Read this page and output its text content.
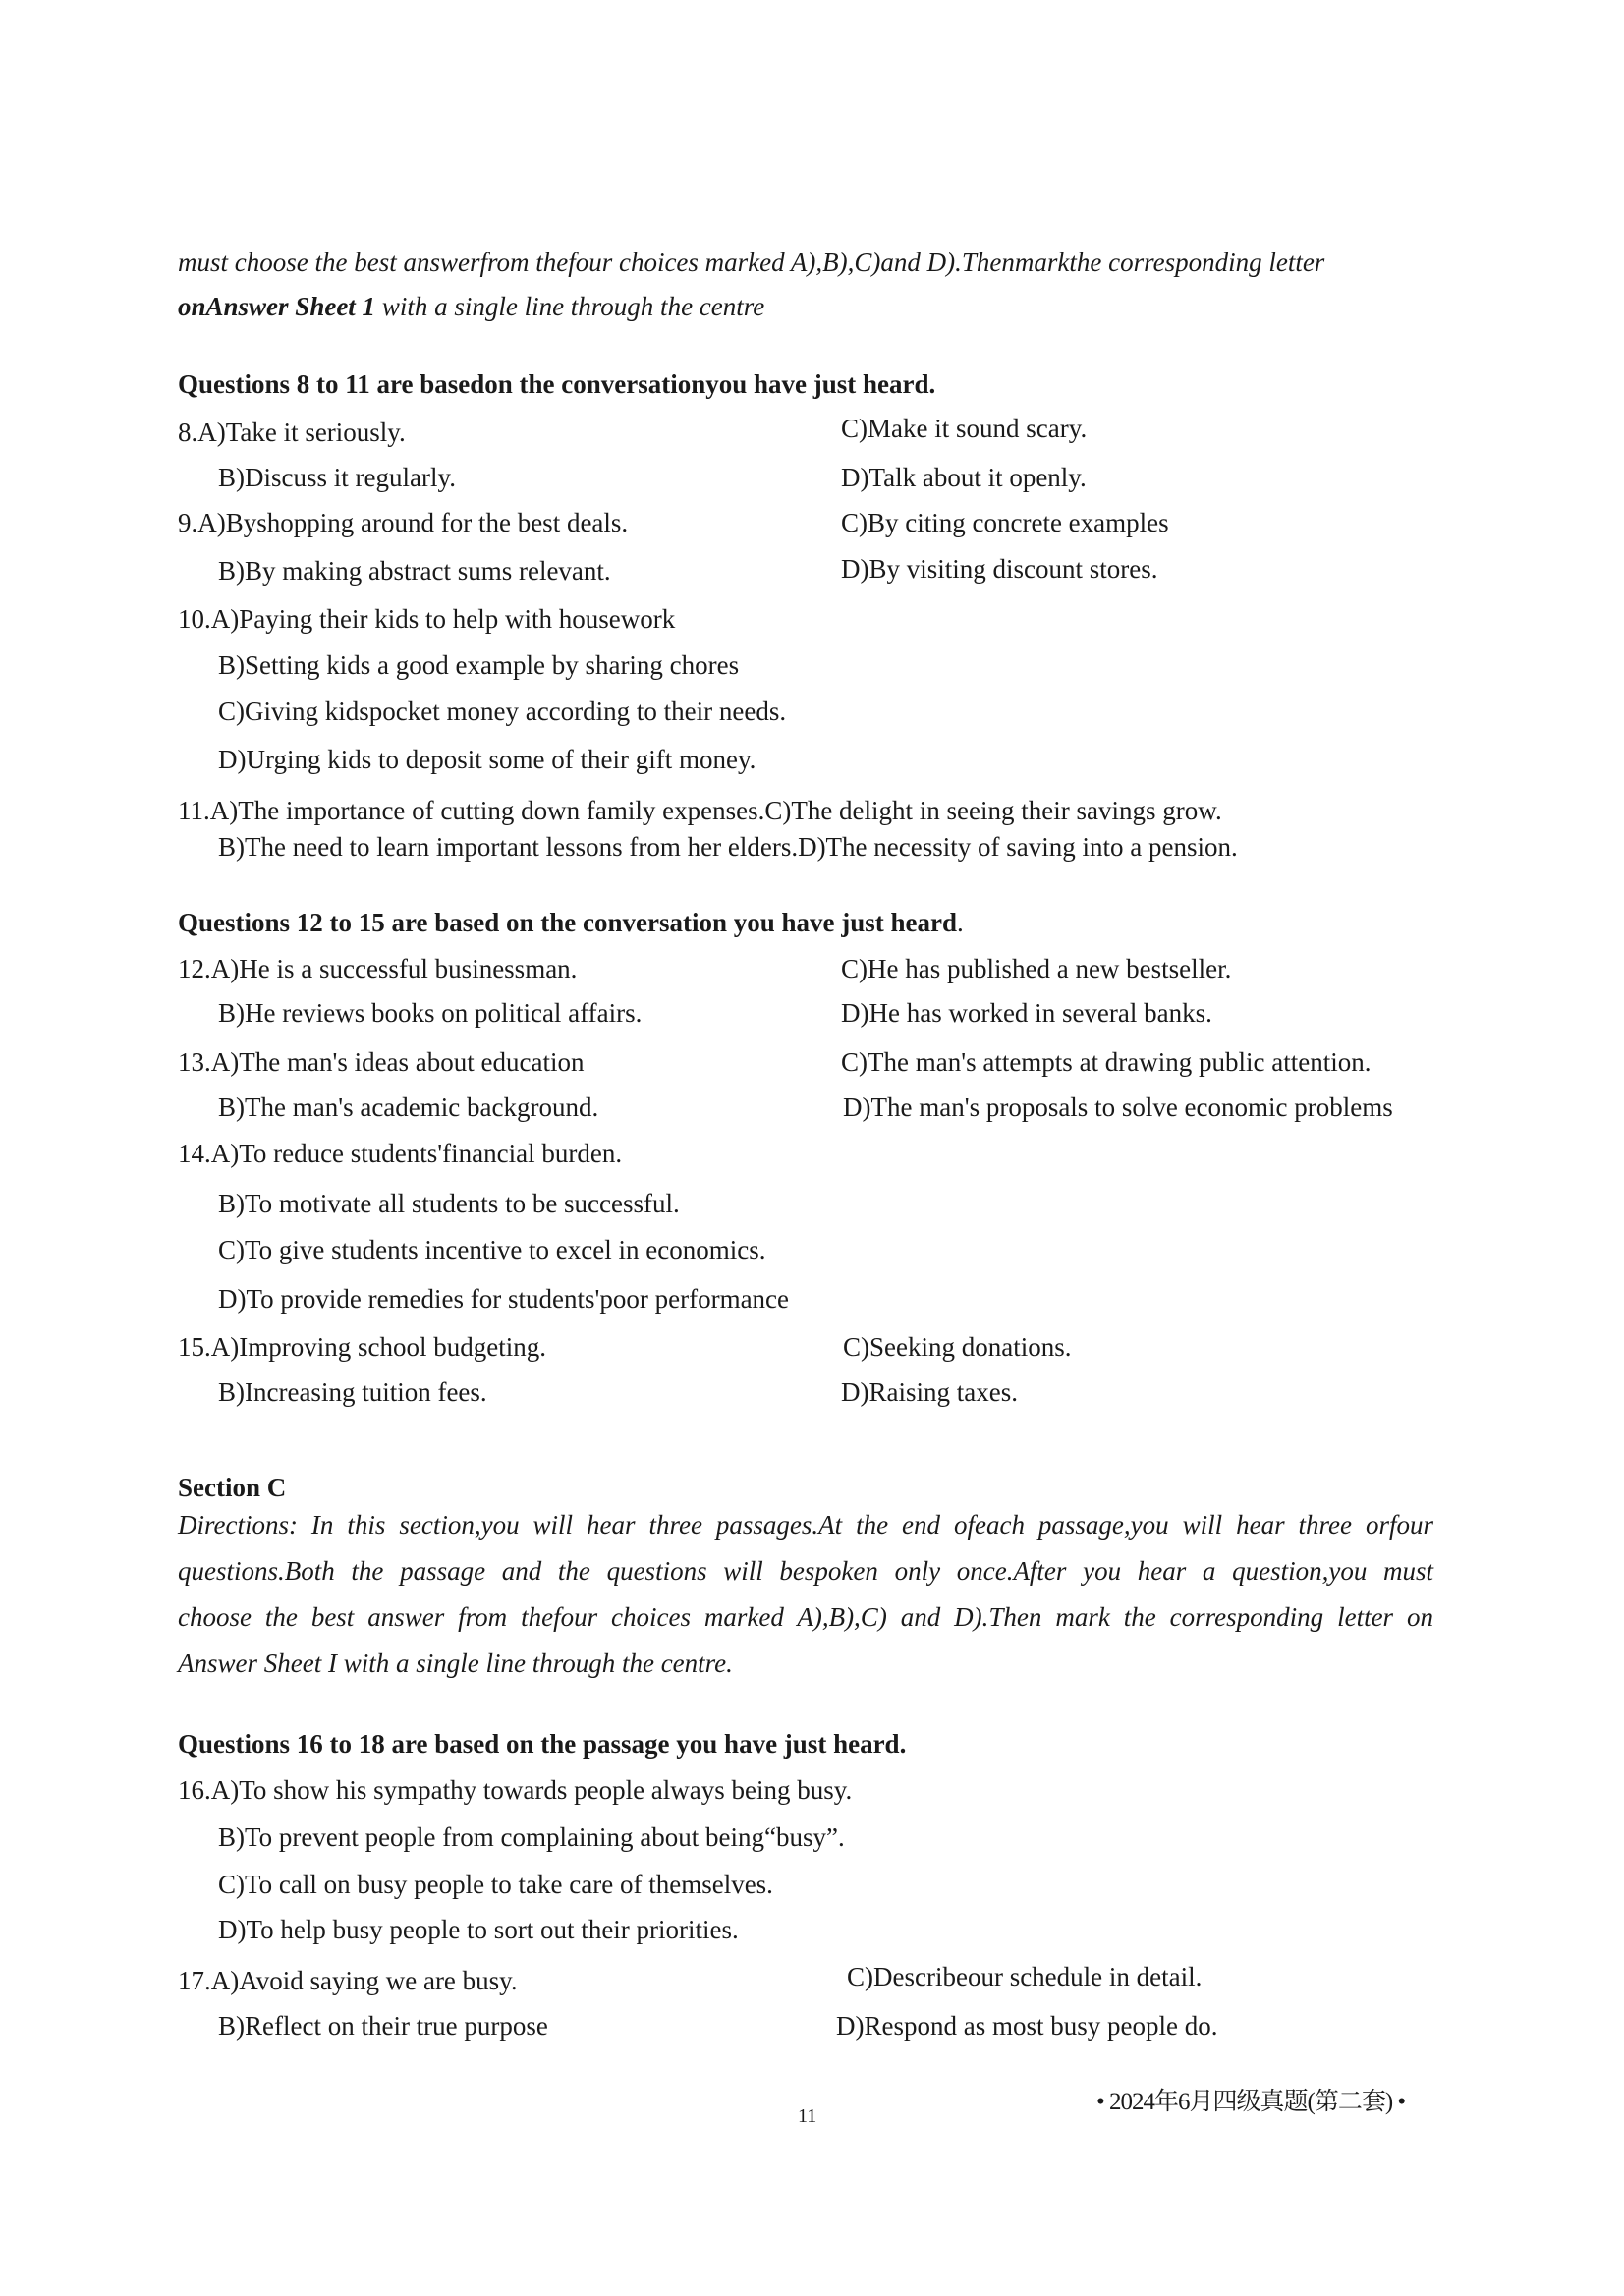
must choose the best answerfrom thefour choices marked A),B),C)and D).Thenmarkthe corresponding letter
onAnswer Sheet 1 with a single line through the centre
Questions 8 to 11 are basedon the conversationyou have just heard.
8.A)Take it seriously.	C)Make it sound scary.
B)Discuss it regularly.	D)Talk about it openly.
9.A)Byshopping around for the best deals.	C)By citing concrete examples
B)By making abstract sums relevant.	D)By visiting discount stores.
10.A)Paying their kids to help with housework
B)Setting kids a good example by sharing chores
C)Giving kidspocket money according to their needs.
D)Urging kids to deposit some of their gift money.
11.A)The importance of cutting down family expenses.C)The delight in seeing their savings grow.
B)The need to learn important lessons from her elders.D)The necessity of saving into a pension.
Questions 12 to 15 are based on the conversation you have just heard.
12.A)He is a successful businessman.	C)He has published a new bestseller.
B)He reviews books on political affairs.	D)He has worked in several banks.
13.A)The man's ideas about education	C)The man's attempts at drawing public attention.
B)The man's academic background.	D)The man's proposals to solve economic problems
14.A)To reduce students'financial burden.
B)To motivate all students to be successful.
C)To give students incentive to excel in economics.
D)To provide remedies for students'poor performance
15.A)Improving school budgeting.	C)Seeking donations.
B)Increasing tuition fees.	D)Raising taxes.
Section C
Directions: In this section,you will hear three passages.At the end ofeach passage,you will hear three orfour
questions.Both the passage and the questions will bespoken only once.After you hear a question,you must
choose the best answer from thefour choices marked A),B),C) and D).Then mark the corresponding letter on
Answer Sheet I with a single line through the centre.
Questions 16 to 18 are based on the passage you have just heard.
16.A)To show his sympathy towards people always being busy.
B)To prevent people from complaining about being“busy”.
C)To call on busy people to take care of themselves.
D)To help busy people to sort out their priorities.
17.A)Avoid saying we are busy.	C)Describeour schedule in detail.
B)Reflect on their true purpose	D)Respond as most busy people do.
11
• 2024年6月四级真题(第二套) •
